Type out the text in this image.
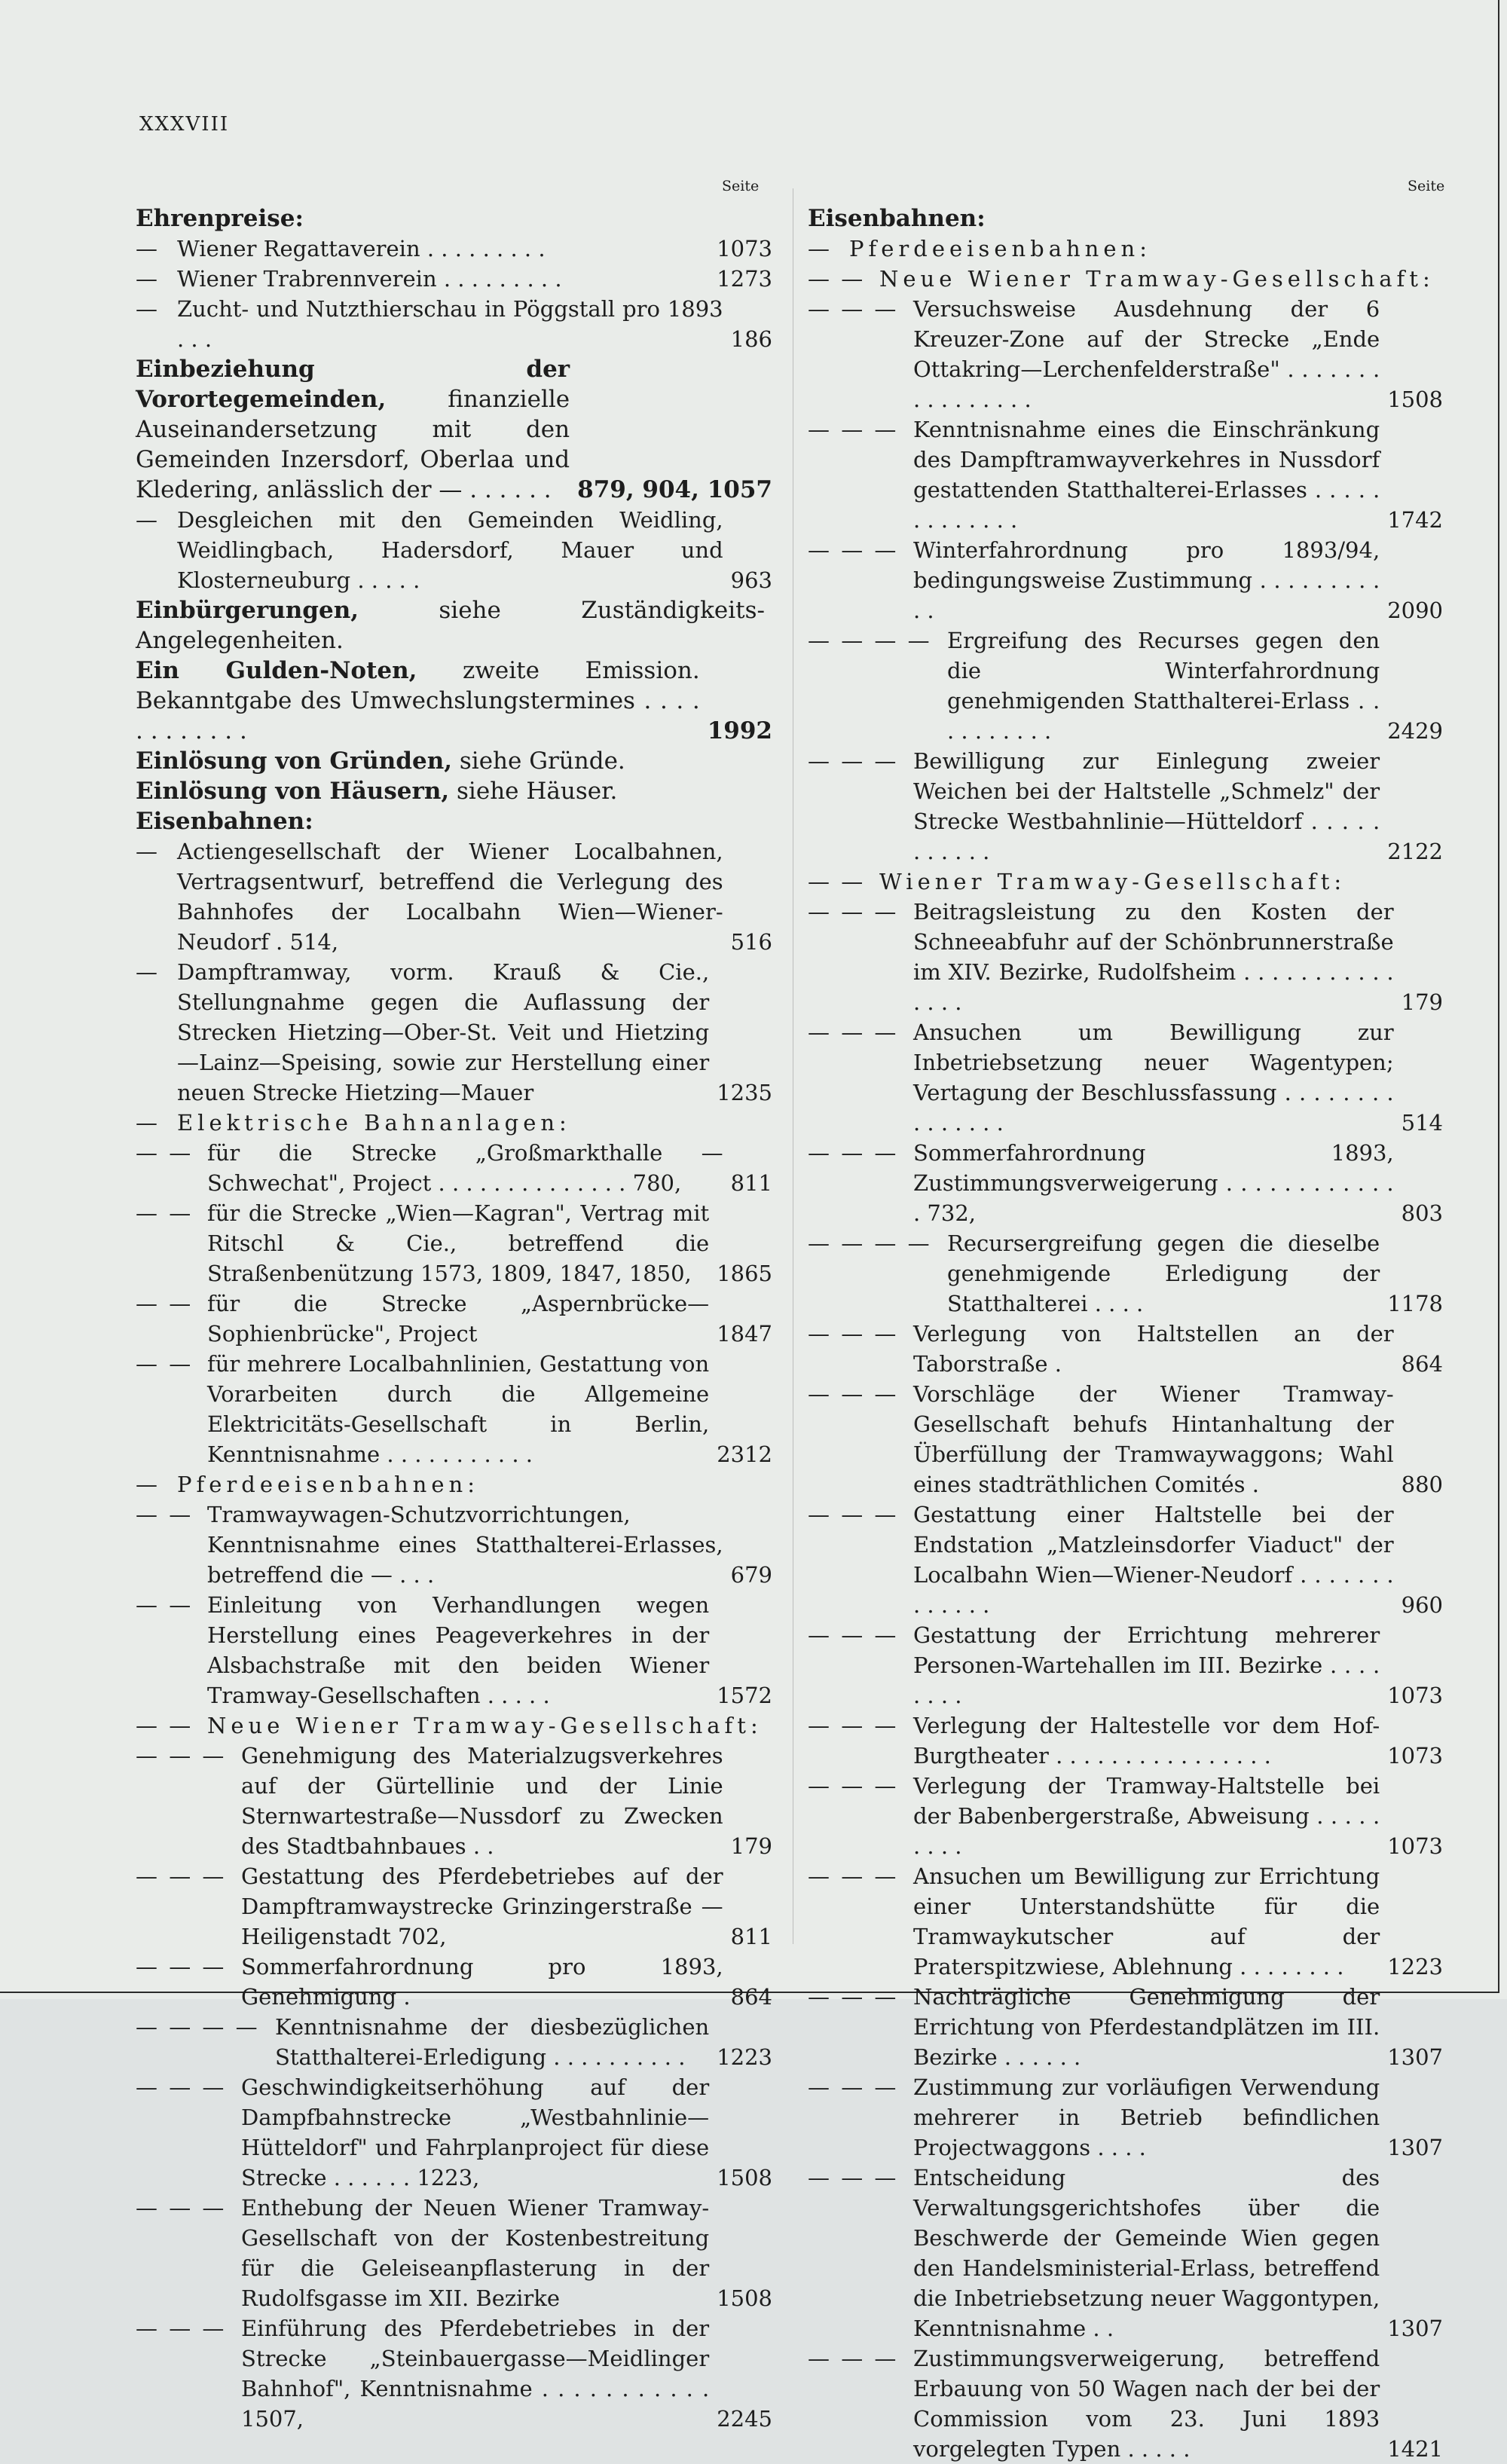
XXXVIII
Seite	Seite
Ehrenpreise:
— Wiener Regattaverein . . . . . . . . .	1073
— Wiener Trabrennverein . . . . . . . . .	1273
— Zucht- und Nutzthierschau in Pöggstall pro 1893 . . .	186
Einbeziehung der Vorortegemeinden, finanzielle Auseinandersetzung mit den Gemeinden Inzersdorf, Oberlaa und Kledering, anlässlich der — . . . . . .	879, 904, 1057
— Desgleichen mit den Gemeinden Weidling, Weidlingbach, Hadersdorf, Mauer und Klosterneuburg . . . . .	963
Einbürgerungen, siehe Zuständigkeits-Angelegenheiten.
Ein Gulden-Noten, zweite Emission. Bekanntgabe des Umwechslungstermines . . . . . . . . . . . .	1992
Einlösung von Gründen, siehe Gründe.
Einlösung von Häusern, siehe Häuser.
Eisenbahnen:
— Actiengesellschaft der Wiener Localbahnen, Vertragsentwurf, betreffend die Verlegung des Bahnhofes der Localbahn Wien—Wiener-Neudorf . 514,	516
— Dampftramway, vorm. Krauß & Cie., Stellungnahme gegen die Auflassung der Strecken Hietzing—Ober-St. Veit und Hietzing—Lainz—Speising, sowie zur Herstellung einer neuen Strecke Hietzing—Mauer	1235
— Elektrische Bahnanlagen:
— — für die Strecke „Großmarkthalle — Schwechat", Project . . . . . . . . . . . . . . 780,	811
— — für die Strecke „Wien—Kagran", Vertrag mit Ritschl & Cie., betreffend die Straßenbenützung 1573, 1809, 1847, 1850,	1865
— — für die Strecke „Aspernbrücke—Sophienbrücke", Project	1847
— — für mehrere Localbahnlinien, Gestattung von Vorarbeiten durch die Allgemeine Elektricitäts-Gesellschaft in Berlin, Kenntnisnahme . . . . . . . . . . .	2312
— Pferdeeisenbahnen:
— — Tramwaywagen-Schutzvorrichtungen, Kenntnisnahme eines Statthalterei-Erlasses, betreffend die — . . .	679
— — Einleitung von Verhandlungen wegen Herstellung eines Peageverkehres in der Alsbachstraße mit den beiden Wiener Tramway-Gesellschaften . . . . .	1572
— — Neue Wiener Tramway-Gesellschaft:
— — — Genehmigung des Materialzugsverkehres auf der Gürtellinie und der Linie Sternwartestraße—Nussdorf zu Zwecken des Stadtbahnbaues . .	179
— — — Gestattung des Pferdebetriebes auf der Dampftramwaystrecke Grinzingerstraße — Heiligenstadt 702,	811
— — — Sommerfahrordnung pro 1893, Genehmigung .	864
— — — — Kenntnisnahme der diesbezüglichen Statthalterei-Erledigung . . . . . . . . . .	1223
— — — Geschwindigkeitserhöhung auf der Dampfbahnstrecke „Westbahnlinie—Hütteldorf" und Fahrplanproject für diese Strecke . . . . . . 1223,	1508
— — — Enthebung der Neuen Wiener Tramway-Gesellschaft von der Kostenbestreitung für die Geleiseanpflasterung in der Rudolfsgasse im XII. Bezirke	1508
— — — Einführung des Pferdebetriebes in der Strecke „Steinbauergasse—Meidlinger Bahnhof", Kenntnisnahme . . . . . . . . . . . 1507,	2245
Eisenbahnen:
— Pferdeeisenbahnen:
— — Neue Wiener Tramway-Gesellschaft:
— — — Versuchsweise Ausdehnung der 6 Kreuzer-Zone auf der Strecke „Ende Ottakring—Lerchenfelderstraße" . . . . . . . . . . . . . . . .	1508
— — — Kenntnisnahme eines die Einschränkung des Dampftramwayverkehres in Nussdorf gestattenden Statthalterei-Erlasses . . . . . . . . . . . . .	1742
— — — Winterfahrordnung pro 1893/94, bedingungsweise Zustimmung . . . . . . . . . . .	2090
— — — — Ergreifung des Recurses gegen den die Winterfahrordnung genehmigenden Statthalterei-Erlass . . . . . . . . . .	2429
— — — Bewilligung zur Einlegung zweier Weichen bei der Haltstelle „Schmelz" der Strecke Westbahnlinie—Hütteldorf . . . . . . . . . . .	2122
— — Wiener Tramway-Gesellschaft:
— — — Beitragsleistung zu den Kosten der Schneeabfuhr auf der Schönbrunnerstraße im XIV. Bezirke, Rudolfsheim . . . . . . . . . . . . . . .	179
— — — Ansuchen um Bewilligung zur Inbetriebsetzung neuer Wagentypen; Vertagung der Beschlussfassung . . . . . . . . . . . . . . .	514
— — — Sommerfahrordnung 1893, Zustimmungsverweigerung . . . . . . . . . . . . . 732,	803
— — — — Recursergreifung gegen die dieselbe genehmigende Erledigung der Statthalterei . . . .	1178
— — — Verlegung von Haltstellen an der Taborstraße .	864
— — — Vorschläge der Wiener Tramway-Gesellschaft behufs Hintanhaltung der Überfüllung der Tramwaywaggons; Wahl eines stadträthlichen Comités .	880
— — — Gestattung einer Haltstelle bei der Endstation „Matzleinsdorfer Viaduct" der Localbahn Wien—Wiener-Neudorf . . . . . . . . . . . . .	960
— — — Gestattung der Errichtung mehrerer Personen-Wartehallen im III. Bezirke . . . . . . . .	1073
— — — Verlegung der Haltestelle vor dem Hof-Burgtheater . . . . . . . . . . . . . . . .	1073
— — — Verlegung der Tramway-Haltstelle bei der Babenbergerstraße, Abweisung . . . . . . . . .	1073
— — — Ansuchen um Bewilligung zur Errichtung einer Unterstandshütte für die Tramwaykutscher auf der Praterspitzwiese, Ablehnung . . . . . . . .	1223
— — — Nachträgliche Genehmigung der Errichtung von Pferdestandplätzen im III. Bezirke . . . . . .	1307
— — — Zustimmung zur vorläufigen Verwendung mehrerer in Betrieb befindlichen Projectwaggons . . . .	1307
— — — Entscheidung des Verwaltungsgerichtshofes über die Beschwerde der Gemeinde Wien gegen den Handelsministerial-Erlass, betreffend die Inbetriebsetzung neuer Waggontypen, Kenntnisnahme . .	1307
— — — Zustimmungsverweigerung, betreffend Erbauung von 50 Wagen nach der bei der Commission vom 23. Juni 1893 vorgelegten Typen . . . . .	1421
